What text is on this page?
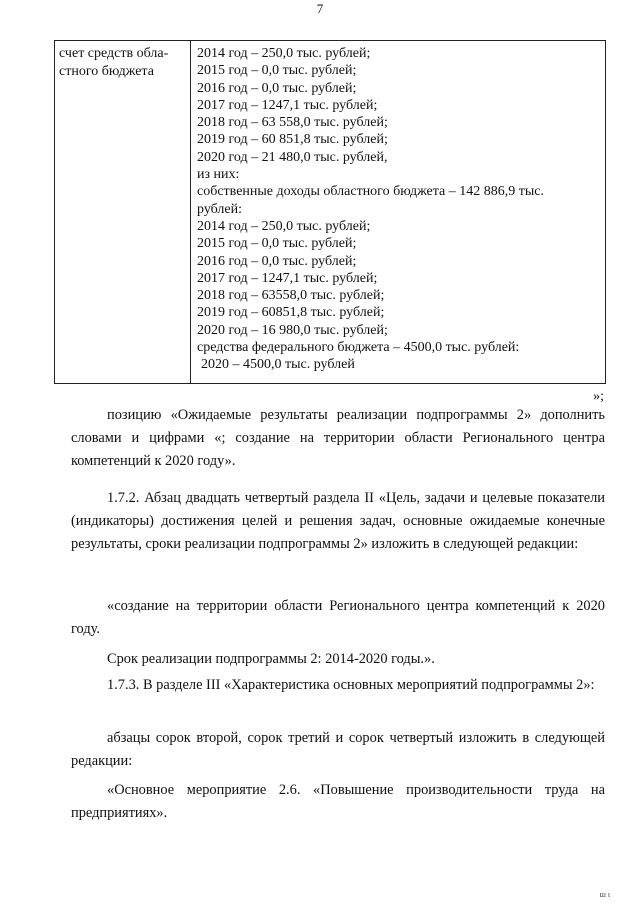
7
счет средств обла-
стного бюджета
2014 год – 250,0 тыс. рублей;
2015 год – 0,0 тыс. рублей;
2016 год – 0,0 тыс. рублей;
2017 год – 1247,1 тыс. рублей;
2018 год – 63 558,0 тыс. рублей;
2019 год – 60 851,8 тыс. рублей;
2020 год – 21 480,0 тыс. рублей,
из них:
собственные доходы областного бюджета – 142 886,9 тыс.
рублей:
2014 год – 250,0 тыс. рублей;
2015 год – 0,0 тыс. рублей;
2016 год – 0,0 тыс. рублей;
2017 год – 1247,1 тыс. рублей;
2018 год – 63558,0 тыс. рублей;
2019 год – 60851,8 тыс. рублей;
2020 год – 16 980,0 тыс. рублей;
средства федерального бюджета – 4500,0 тыс. рублей:
2020 – 4500,0 тыс. рублей
»;
позицию «Ожидаемые результаты реализации подпрограммы 2» дополнить словами и цифрами «; создание на территории области Регионального центра компетенций к 2020 году».
1.7.2. Абзац двадцать четвертый раздела II «Цель, задачи и целевые показатели (индикаторы) достижения целей и решения задач, основные ожидаемые конечные результаты, сроки реализации подпрограммы 2» изложить в следующей редакции:
«создание на территории области Регионального центра компетенций к 2020 году.
Срок реализации подпрограммы 2: 2014-2020 годы.».
1.7.3. В разделе III «Характеристика основных мероприятий подпрограммы 2»:
абзацы сорок второй, сорок третий и сорок четвертый изложить в следующей редакции:
«Основное мероприятие 2.6. «Повышение производительности труда на предприятиях».
ш ι
